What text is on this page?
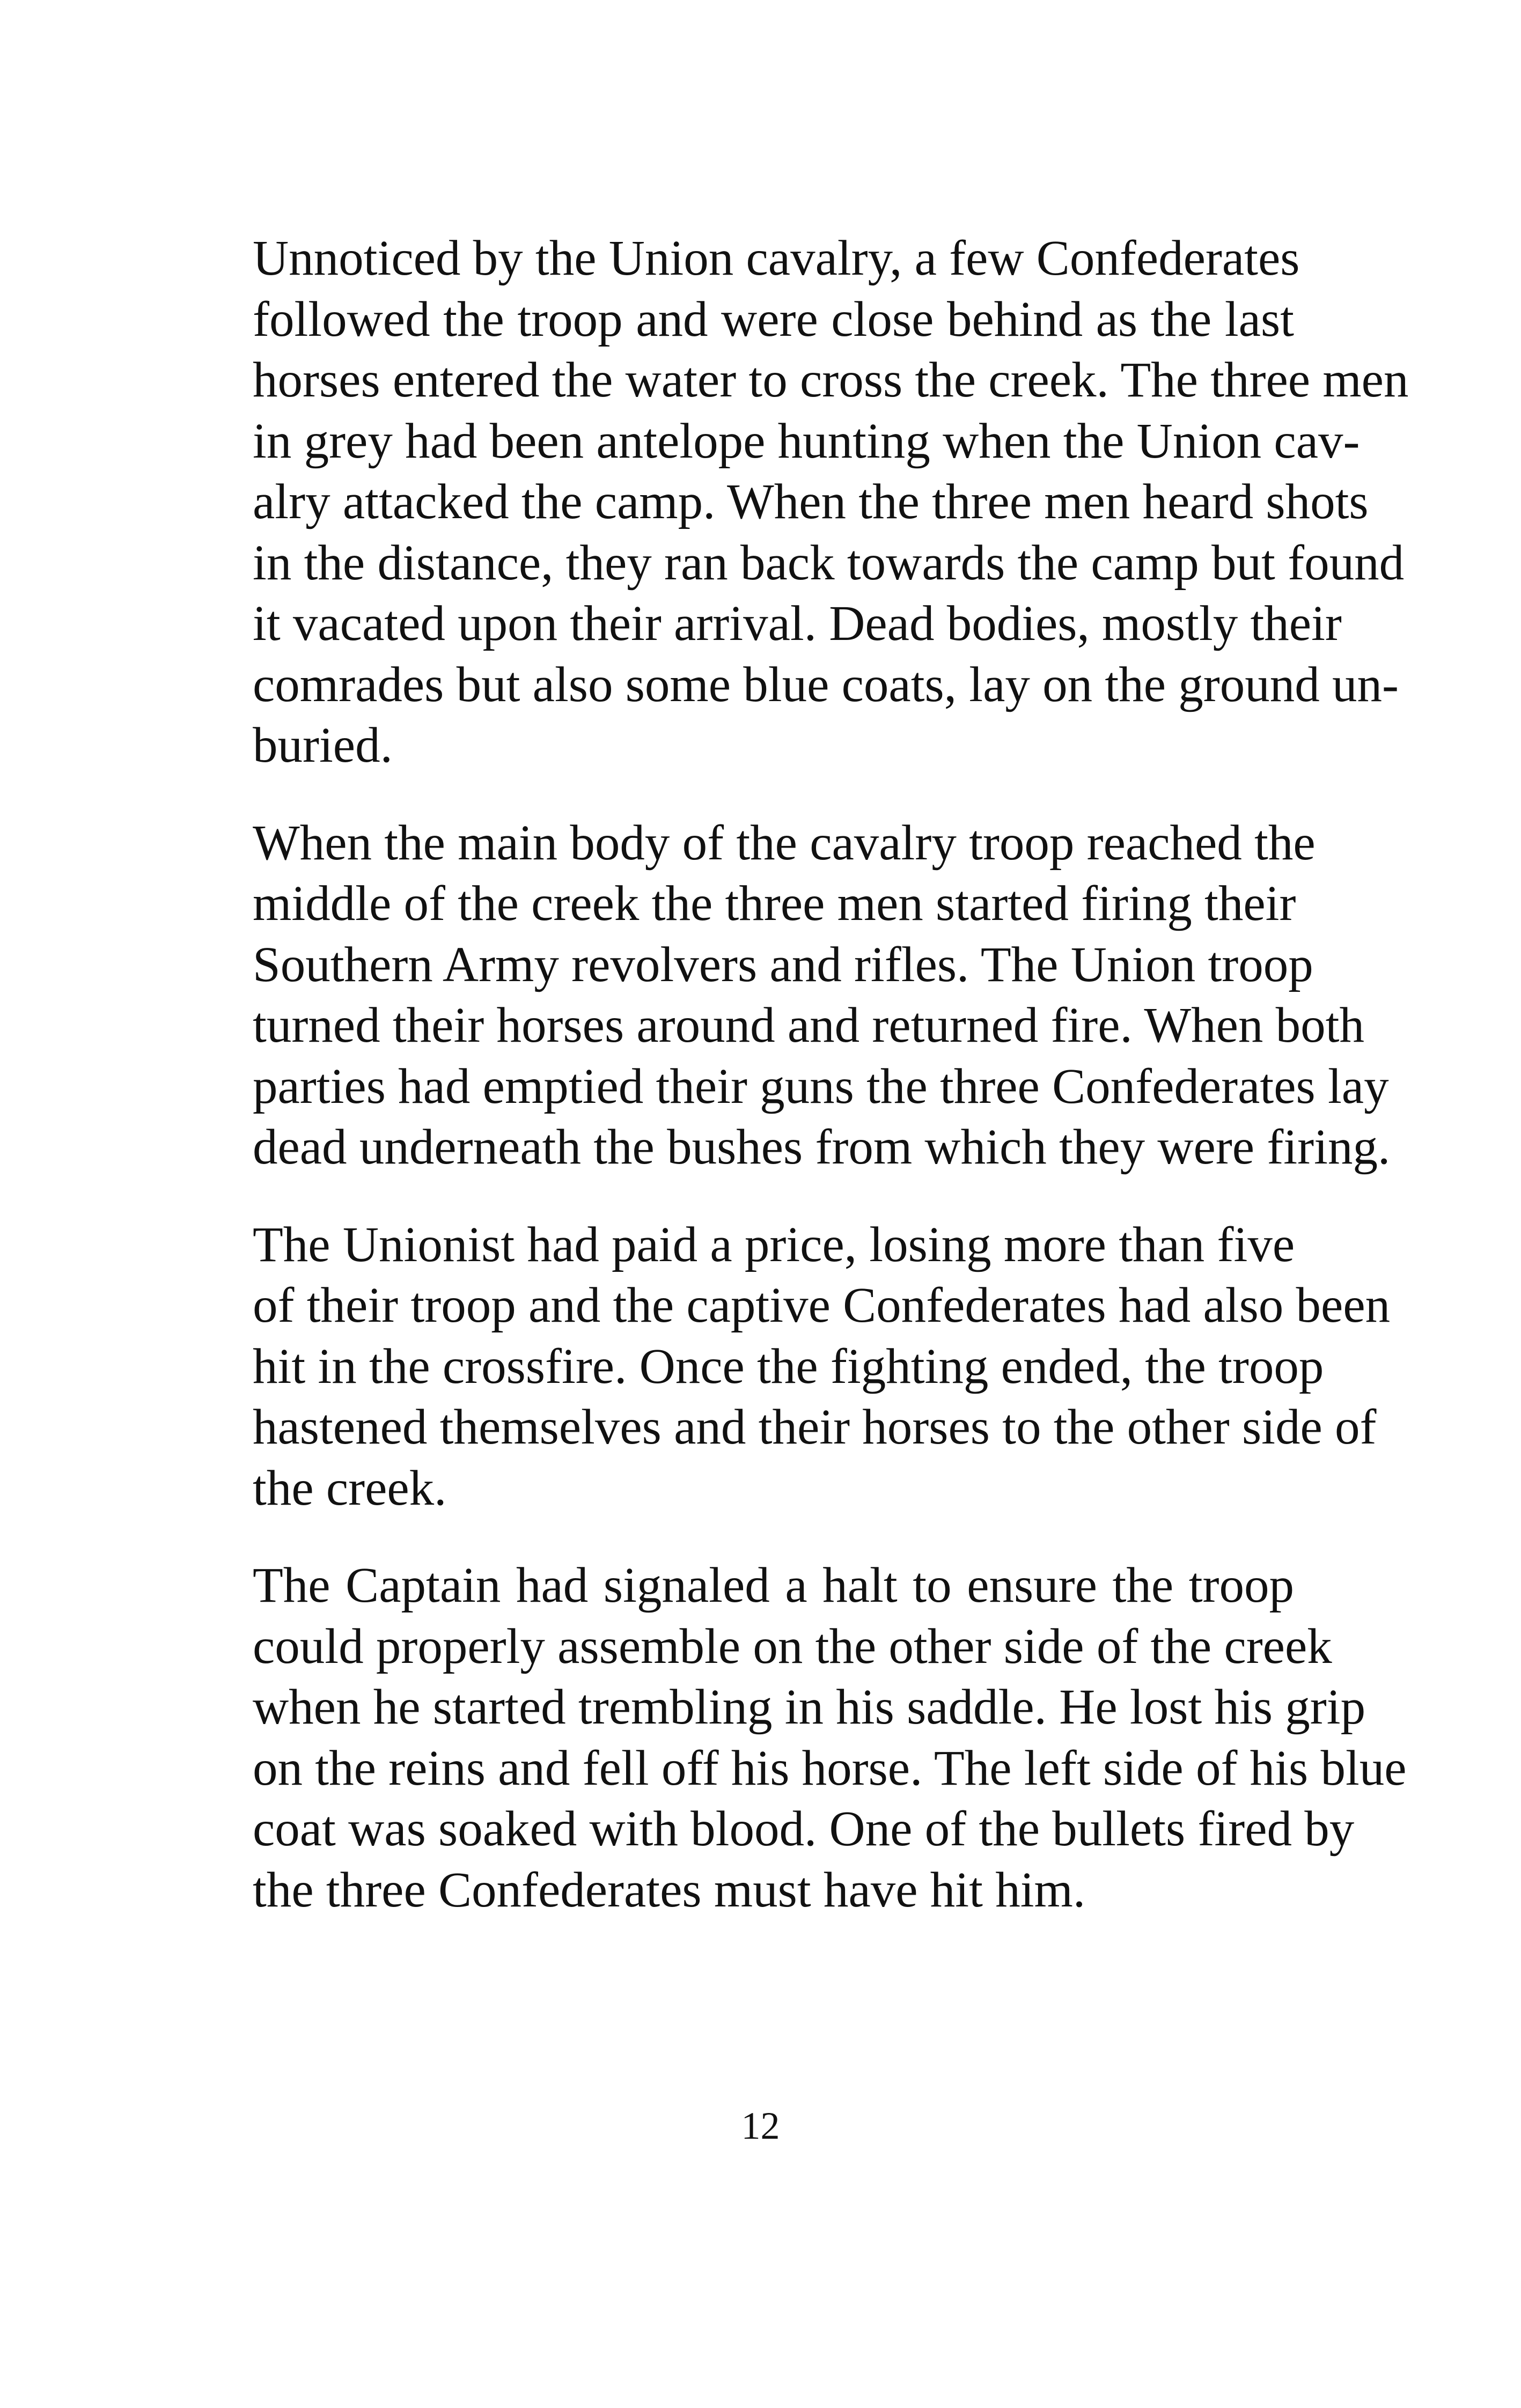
Unnoticed by the Union cavalry, a few Confederates
followed the troop and were close behind as the last
horses entered the water to cross the creek. The three men
in grey had been antelope hunting when the Union cav-
alry attacked the camp. When the three men heard shots
in the distance, they ran back towards the camp but found
it vacated upon their arrival. Dead bodies, mostly their
comrades but also some blue coats, lay on the ground un-
buried.

When the main body of the cavalry troop reached the
middle of the creek the three men started firing their
Southern Army revolvers and rifles. The Union troop
turned their horses around and returned fire. When both
parties had emptied their guns the three Confederates lay
dead underneath the bushes from which they were firing.

The Unionist had paid a price, losing more than five
of their troop and the captive Confederates had also been
hit in the crossfire. Once the fighting ended, the troop
hastened themselves and their horses to the other side of
the creek.

The Captain had signaled a halt to ensure the troop
could properly assemble on the other side of the creek
when he started trembling in his saddle. He lost his grip
on the reins and fell off his horse. The left side of his blue
coat was soaked with blood. One of the bullets fired by
the three Confederates must have hit him.

12
